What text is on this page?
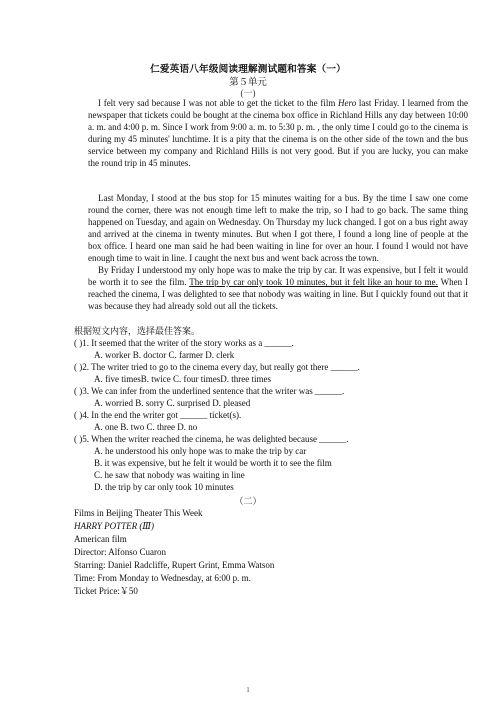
仁爱英语八年级阅读理解测试题和答案（一）
第５单元
(一)

I felt very sad because I was not able to get the ticket to the film Hero last Friday. I learned from the newspaper that tickets could be bought at the cinema box office in Richland Hills any day between 10:00 a. m. and 4:00 p. m. Since I work from 9:00 a. m. to 5:30 p. m. , the only time I could go to the cinema is during my 45 minutes' lunchtime. It is a pity that the cinema is on the other side of the town and the bus service between my company and Richland Hills is not very good. But if you are lucky, you can make the round trip in 45 minutes.

Last Monday, I stood at the bus stop for 15 minutes waiting for a bus. By the time I saw one come round the corner, there was not enough time left to make the trip, so I had to go back. The same thing happened on Tuesday, and again on Wednesday. On Thursday my luck changed. I got on a bus right away and arrived at the cinema in twenty minutes. But when I got there, I found a long line of people at the box office. I heard one man said he had been waiting in line for over an hour. I found I would not have enough time to wait in line. I caught the next bus and went back across the town.

By Friday I understood my only hope was to make the trip by car. It was expensive, but I felt it would be worth it to see the film. The trip by car only took 10 minutes, but it felt like an hour to me. When I reached the cinema, I was delighted to see that nobody was waiting in line. But I quickly found out that it was because they had already sold out all the tickets.

根据短文内容，选择最佳答案。
( )1. It seemed that the writer of the story works as a ______.
A. worker B. doctor C. farmer D. clerk
( )2. The writer tried to go to the cinema every day, but really got there ______.
A. five timesB. twice C. four timesD. three times
( )3. We can infer from the underlined sentence that the writer was ______.
A. worried B. sorry C. surprised D. pleased
( )4. In the end the writer got ______ ticket(s).
A. one B. two C. three D. no
( )5. When the writer reached the cinema, he was delighted because ______.
A. he understood his only hope was to make the trip by car
B. it was expensive, but he felt it would be worth it to see the film
C. he saw that nobody was waiting in line
D. the trip by car only took 10 minutes
（二）
Films in Beijing Theater This Week
HARRY POTTER (Ⅲ)
American film
Director: Alfonso Cuaron
Starring: Daniel Radcliffe, Rupert Grint, Emma Watson
Time: From Monday to Wednesday, at 6:00 p. m.
Ticket Price:￥50
1
